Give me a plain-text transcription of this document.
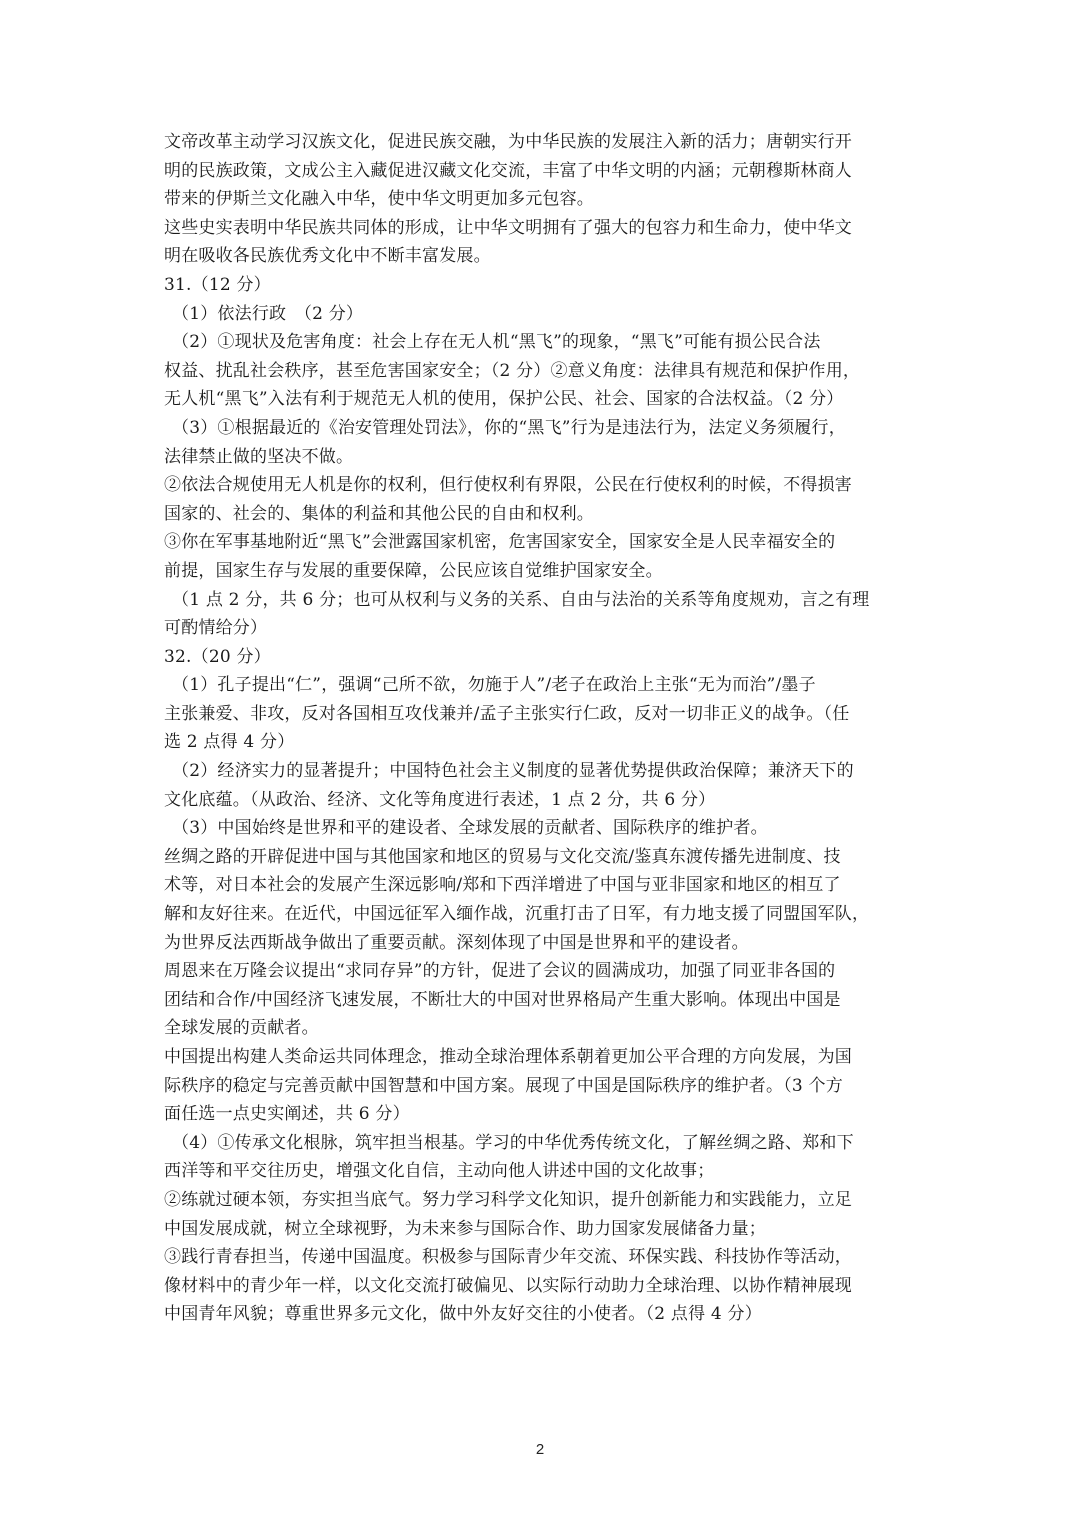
文帝改革主动学习汉族文化，促进民族交融，为中华民族的发展注入新的活力；唐朝实行开
明的民族政策，文成公主入藏促进汉藏文化交流，丰富了中华文明的内涵；元朝穆斯林商人
带来的伊斯兰文化融入中华，使中华文明更加多元包容。
这些史实表明中华民族共同体的形成，让中华文明拥有了强大的包容力和生命力，使中华文
明在吸收各民族优秀文化中不断丰富发展。
31.（12 分）
（1）依法行政　（2 分）
（2）①现状及危害角度：社会上存在无人机“黑飞”的现象，“黑飞”可能有损公民合法
权益、扰乱社会秩序，甚至危害国家安全；（2 分）②意义角度：法律具有规范和保护作用，
无人机“黑飞”入法有利于规范无人机的使用，保护公民、社会、国家的合法权益。（2 分）
（3）①根据最近的《治安管理处罚法》，你的“黑飞”行为是违法行为，法定义务须履行，
法律禁止做的坚决不做。
②依法合规使用无人机是你的权利，但行使权利有界限，公民在行使权利的时候，不得损害
国家的、社会的、集体的利益和其他公民的自由和权利。
③你在军事基地附近“黑飞”会泄露国家机密，危害国家安全，国家安全是人民幸福安全的
前提，国家生存与发展的重要保障，公民应该自觉维护国家安全。
（1 点 2 分，共 6 分；也可从权利与义务的关系、自由与法治的关系等角度规劝，言之有理
可酌情给分）
32.（20 分）
（1）孔子提出“仁”，强调“己所不欲，勿施于人”/老子在政治上主张“无为而治”/墨子
主张兼爱、非攻，反对各国相互攻伐兼并/孟子主张实行仁政，反对一切非正义的战争。（任
选 2 点得 4 分）
（2）经济实力的显著提升；中国特色社会主义制度的显著优势提供政治保障；兼济天下的
文化底蕴。（从政治、经济、文化等角度进行表述，1 点 2 分，共 6 分）
（3）中国始终是世界和平的建设者、全球发展的贡献者、国际秩序的维护者。
丝绸之路的开辟促进中国与其他国家和地区的贸易与文化交流/鉴真东渡传播先进制度、技
术等，对日本社会的发展产生深远影响/郑和下西洋增进了中国与亚非国家和地区的相互了
解和友好往来。在近代，中国远征军入缅作战，沉重打击了日军，有力地支援了同盟国军队，
为世界反法西斯战争做出了重要贡献。深刻体现了中国是世界和平的建设者。
周恩来在万隆会议提出“求同存异”的方针，促进了会议的圆满成功，加强了同亚非各国的
团结和合作/中国经济飞速发展，不断壮大的中国对世界格局产生重大影响。体现出中国是
全球发展的贡献者。
中国提出构建人类命运共同体理念，推动全球治理体系朝着更加公平合理的方向发展，为国
际秩序的稳定与完善贡献中国智慧和中国方案。展现了中国是国际秩序的维护者。（3 个方
面任选一点史实阐述，共 6 分）
（4）①传承文化根脉，筑牢担当根基。学习的中华优秀传统文化，了解丝绸之路、郑和下
西洋等和平交往历史，增强文化自信，主动向他人讲述中国的文化故事；
②练就过硬本领，夯实担当底气。努力学习科学文化知识，提升创新能力和实践能力，立足
中国发展成就，树立全球视野，为未来参与国际合作、助力国家发展储备力量；
③践行青春担当，传递中国温度。积极参与国际青少年交流、环保实践、科技协作等活动，
像材料中的青少年一样，以文化交流打破偏见、以实际行动助力全球治理、以协作精神展现
中国青年风貌；尊重世界多元文化，做中外友好交往的小使者。（2 点得 4 分）
2
